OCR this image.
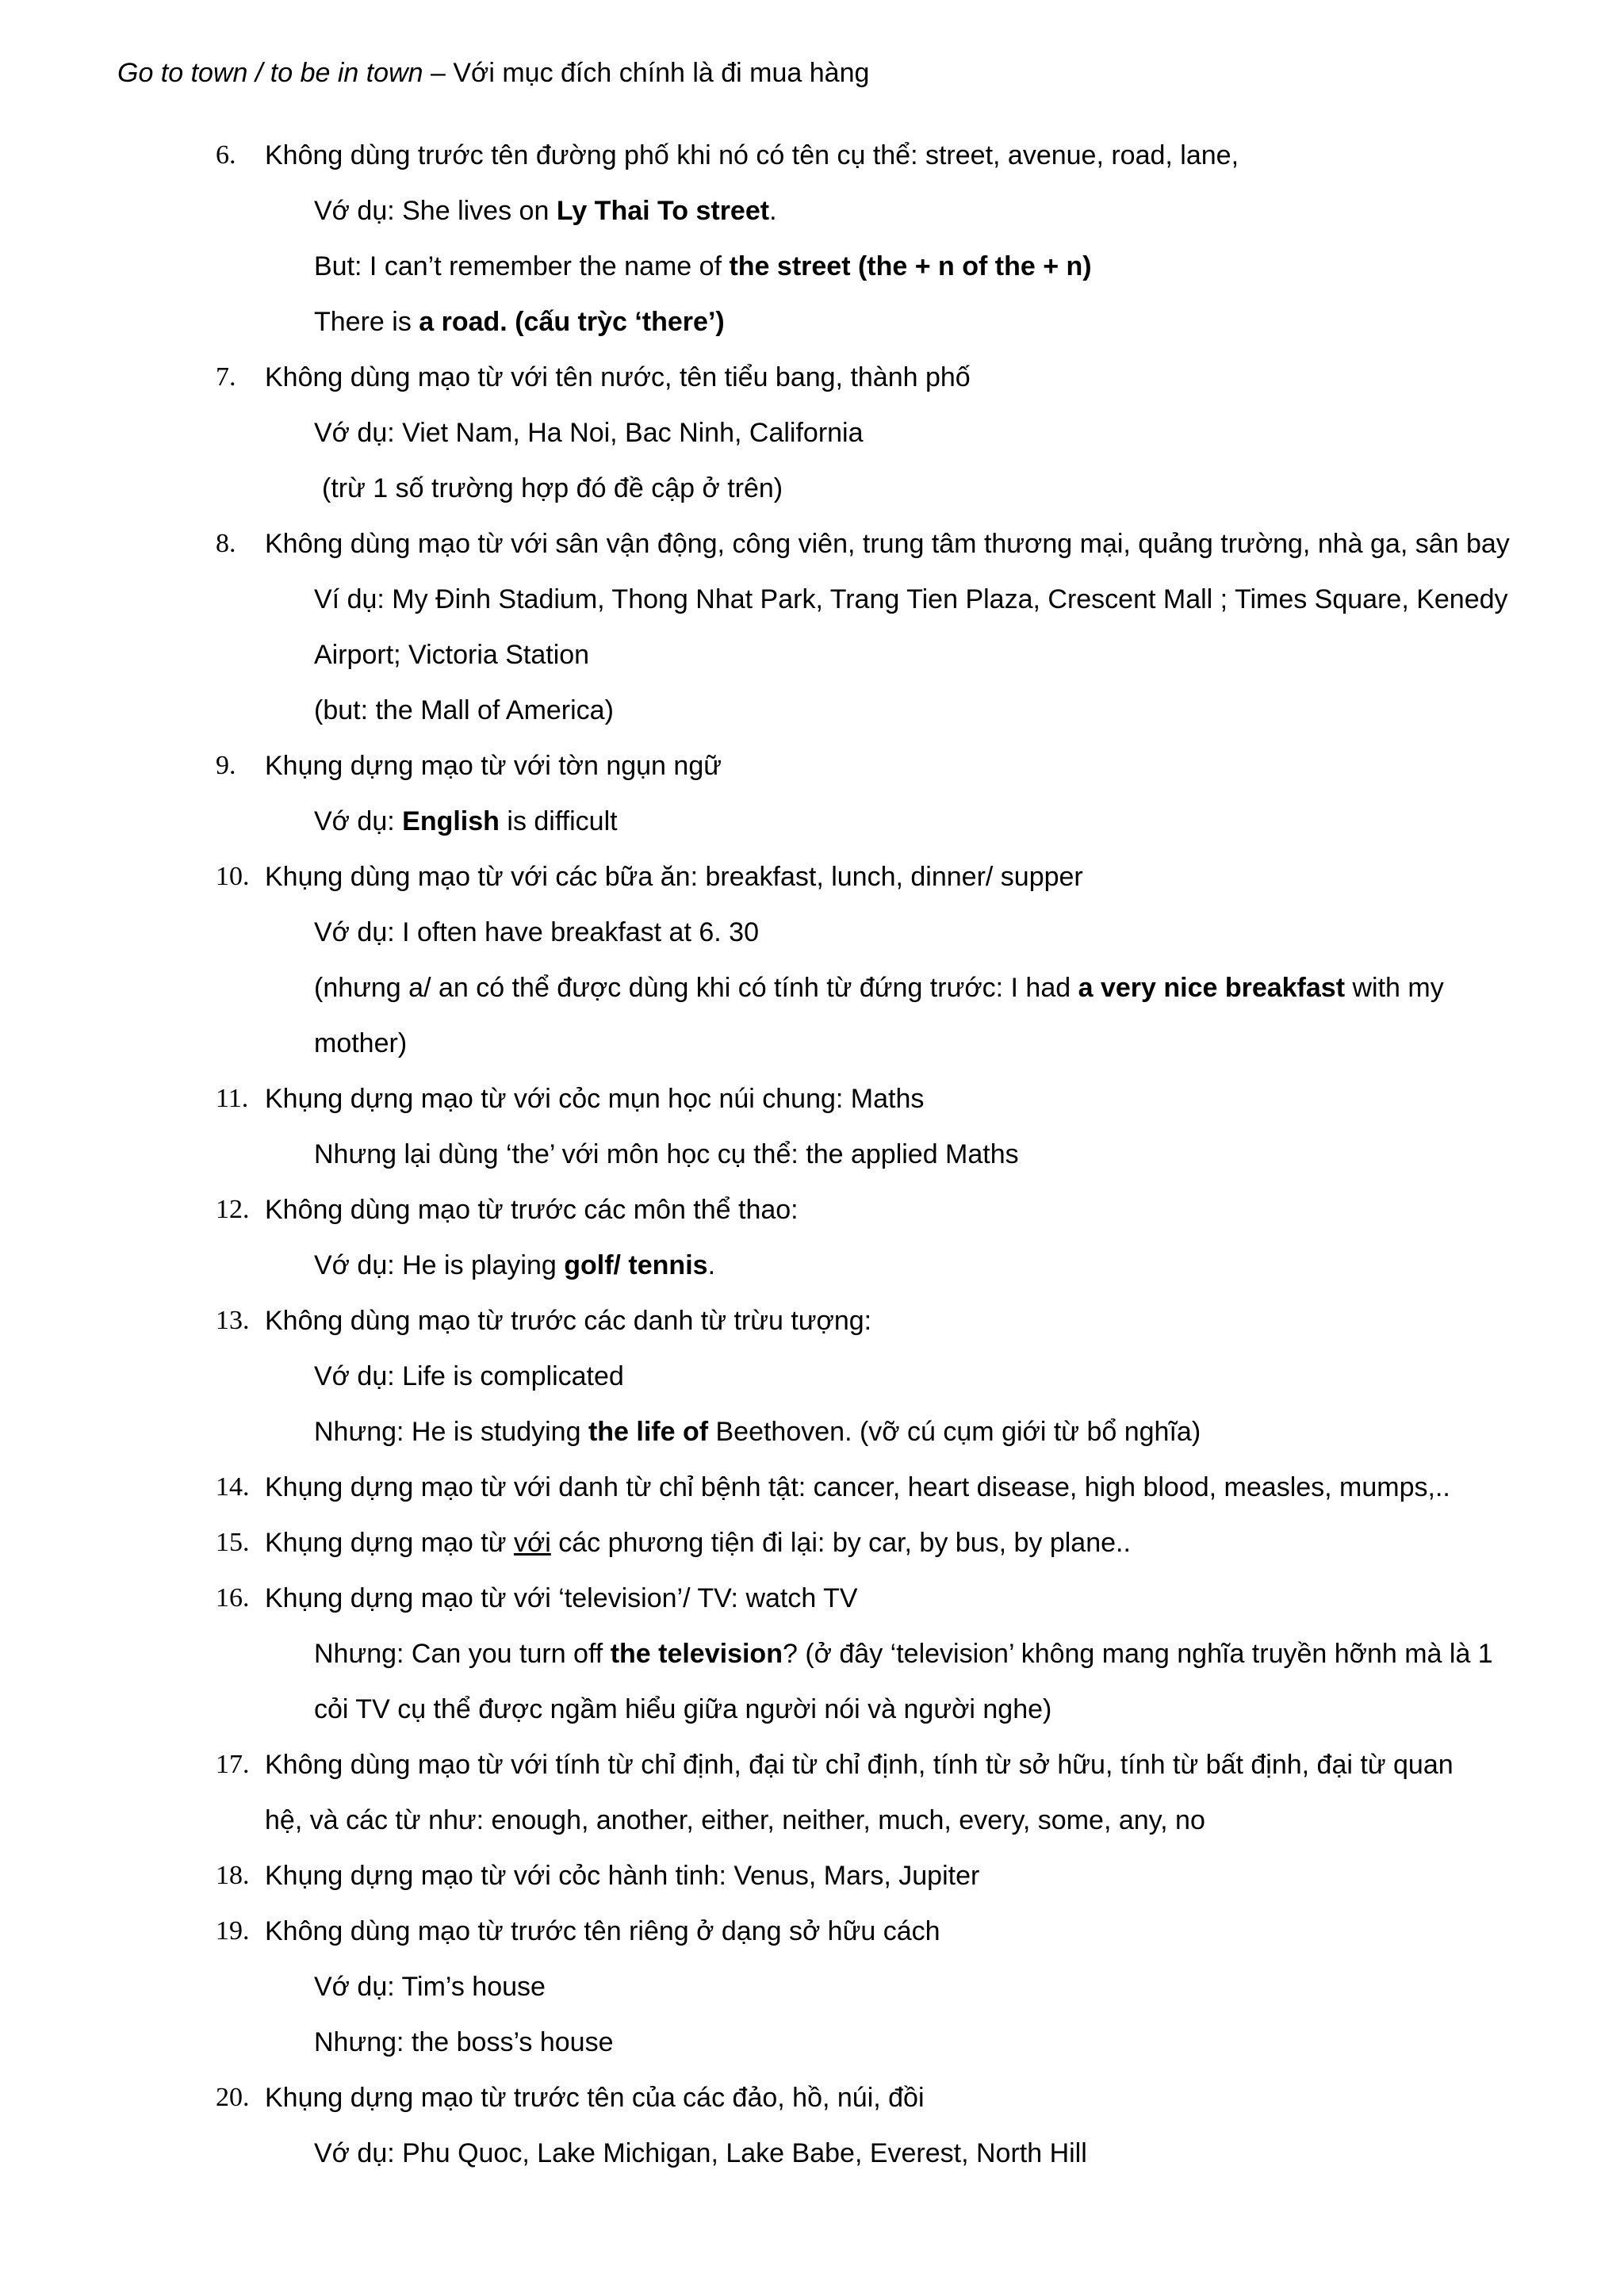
Go to town / to be in town – Với mục đích chính là đi mua hàng
6.	Không dùng trước tên đường phố khi nó có tên cụ thể: street, avenue, road, lane,
Vớ dụ: She lives on Ly Thai To street.
But: I can’t remember the name of the street (the + n of the + n)
There is a road. (cấu trỳc ‘there’)
7.	Không dùng mạo từ với tên nước, tên tiểu bang, thành phố
Vớ dụ: Viet Nam, Ha Noi, Bac Ninh, California
(trừ 1 số trường hợp đó đề cập ở trên)
8.	Không dùng mạo từ với sân vận động, công viên, trung tâm thương mại, quảng trường, nhà ga, sân bay
Ví dụ: My Đinh Stadium, Thong Nhat Park, Trang Tien Plaza, Crescent Mall ; Times Square, Kenedy
Airport; Victoria Station
(but: the Mall of America)
9.	Khụng dựng mạo từ với tờn ngụn ngữ
Vớ dụ: English is difficult
10. Khụng dùng mạo từ với các bữa ăn: breakfast, lunch, dinner/ supper
Vớ dụ: I often have breakfast at 6. 30
(nhưng a/ an có thể được dùng khi có tính từ đứng trước: I had a very nice breakfast with my
mother)
11. Khụng dựng mạo từ với cỏc mụn học núi chung: Maths
Nhưng lại dùng ‘the’ với môn học cụ thể: the applied Maths
12. Không dùng mạo từ trước các môn thể thao:
Vớ dụ: He is playing golf/ tennis.
13. Không dùng mạo từ trước các danh từ trừu tượng:
Vớ dụ: Life is complicated
Nhưng: He is studying the life of Beethoven. (vỡ cú cụm giới từ bổ nghĩa)
14. Khụng dựng mạo từ với danh từ chỉ bệnh tật: cancer, heart disease, high blood, measles, mumps,..
15. Khụng dựng mạo từ với các phương tiện đi lại: by car, by bus, by plane..
16. Khụng dựng mạo từ với ‘television’/ TV: watch TV
Nhưng: Can you turn off the television? (ở đây ‘television’ không mang nghĩa truyền hỡnh mà là 1
cỏi TV cụ thể được ngầm hiểu giữa người nói và người nghe)
17. Không dùng mạo từ với tính từ chỉ định, đại từ chỉ định, tính từ sở hữu, tính từ bất định, đại từ quan
hệ, và các từ như: enough, another, either, neither, much, every, some, any, no
18. Khụng dựng mạo từ với cỏc hành tinh: Venus, Mars, Jupiter
19. Không dùng mạo từ trước tên riêng ở dạng sở hữu cách
Vớ dụ: Tim’s house
Nhưng: the boss’s house
20. Khụng dựng mạo từ trước tên của các đảo, hồ, núi, đồi
Vớ dụ: Phu Quoc, Lake Michigan, Lake Babe, Everest, North Hill
